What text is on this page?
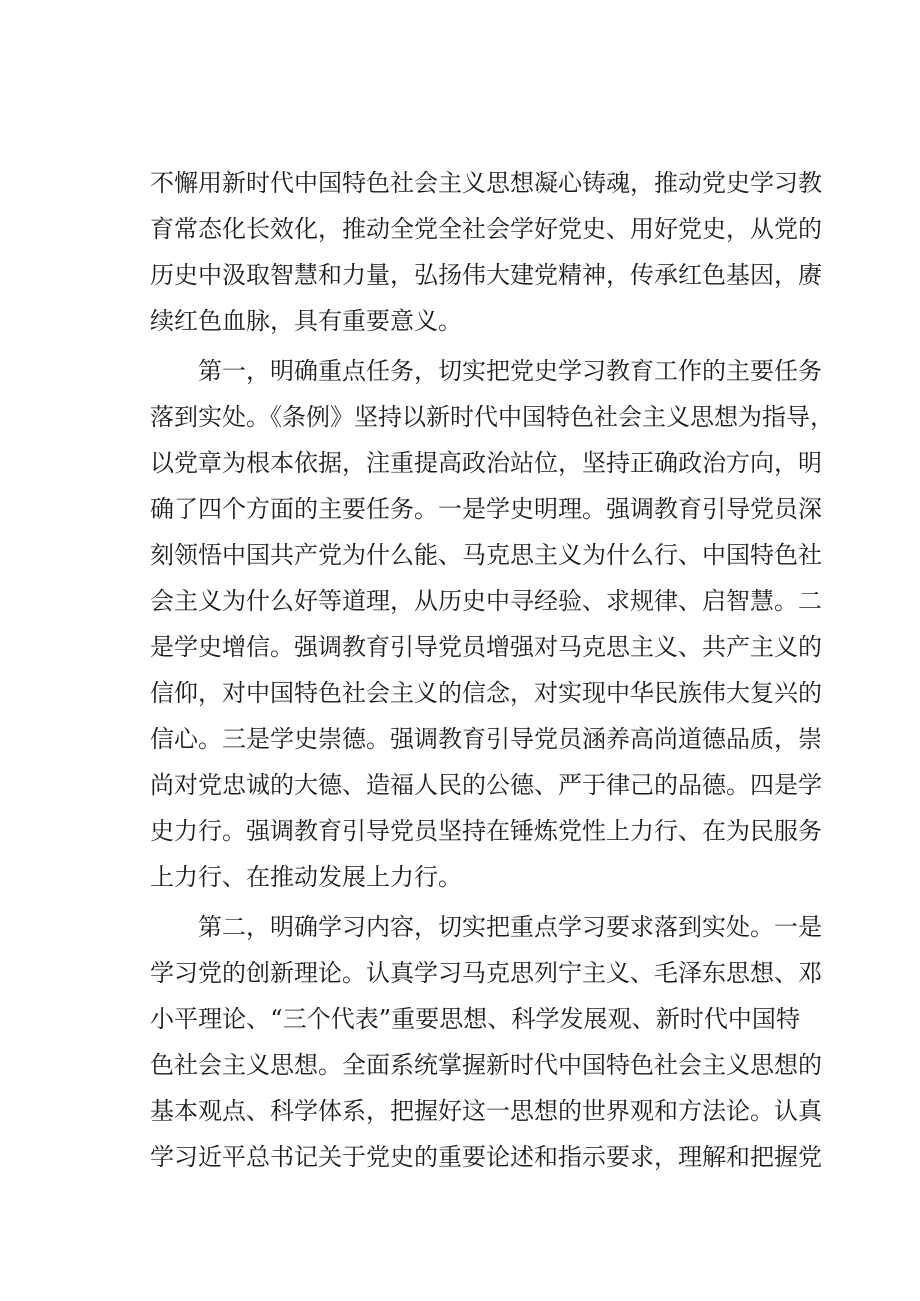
不懈用新时代中国特色社会主义思想凝心铸魂，推动党史学习教
育常态化长效化，推动全党全社会学好党史、用好党史，从党的
历史中汲取智慧和力量，弘扬伟大建党精神，传承红色基因，赓
续红色血脉，具有重要意义。
第一，明确重点任务，切实把党史学习教育工作的主要任务
落到实处。《条例》坚持以新时代中国特色社会主义思想为指导，
以党章为根本依据，注重提高政治站位，坚持正确政治方向，明
确了四个方面的主要任务。一是学史明理。强调教育引导党员深
刻领悟中国共产党为什么能、马克思主义为什么行、中国特色社
会主义为什么好等道理，从历史中寻经验、求规律、启智慧。二
是学史增信。强调教育引导党员增强对马克思主义、共产主义的
信仰，对中国特色社会主义的信念，对实现中华民族伟大复兴的
信心。三是学史崇德。强调教育引导党员涵养高尚道德品质，崇
尚对党忠诚的大德、造福人民的公德、严于律己的品德。四是学
史力行。强调教育引导党员坚持在锤炼党性上力行、在为民服务
上力行、在推动发展上力行。
第二，明确学习内容，切实把重点学习要求落到实处。一是
学习党的创新理论。认真学习马克思列宁主义、毛泽东思想、邓
小平理论、“三个代表”重要思想、科学发展观、新时代中国特
色社会主义思想。全面系统掌握新时代中国特色社会主义思想的
基本观点、科学体系，把握好这一思想的世界观和方法论。认真
学习近平总书记关于党史的重要论述和指示要求，理解和把握党
